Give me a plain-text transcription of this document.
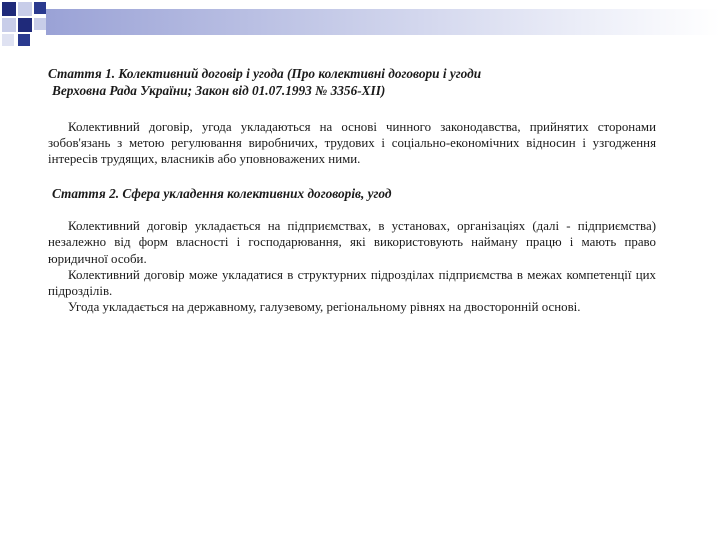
Стаття 1. Колективний договір і угода (Про колективні договори і угоди
Верховна Рада України; Закон від 01.07.1993 № 3356-XII)

Колективний договір, угода укладаються на основі чинного законодавства, прийнятих сторонами зобов'язань з метою регулювання виробничих, трудових і соціально-економічних відносин і узгодження інтересів трудящих, власників або уповноважених ними.

Стаття 2. Сфера укладення колективних договорів, угод

Колективний договір укладається на підприємствах, в установах, організаціях (далі - підприємства) незалежно від форм власності і господарювання, які використовують найману працю і мають право юридичної особи.

Колективний договір може укладатися в структурних підрозділах підприємства в межах компетенції цих підрозділів.

Угода укладається на державному, галузевому, регіональному рівнях на двосторонній основі.
